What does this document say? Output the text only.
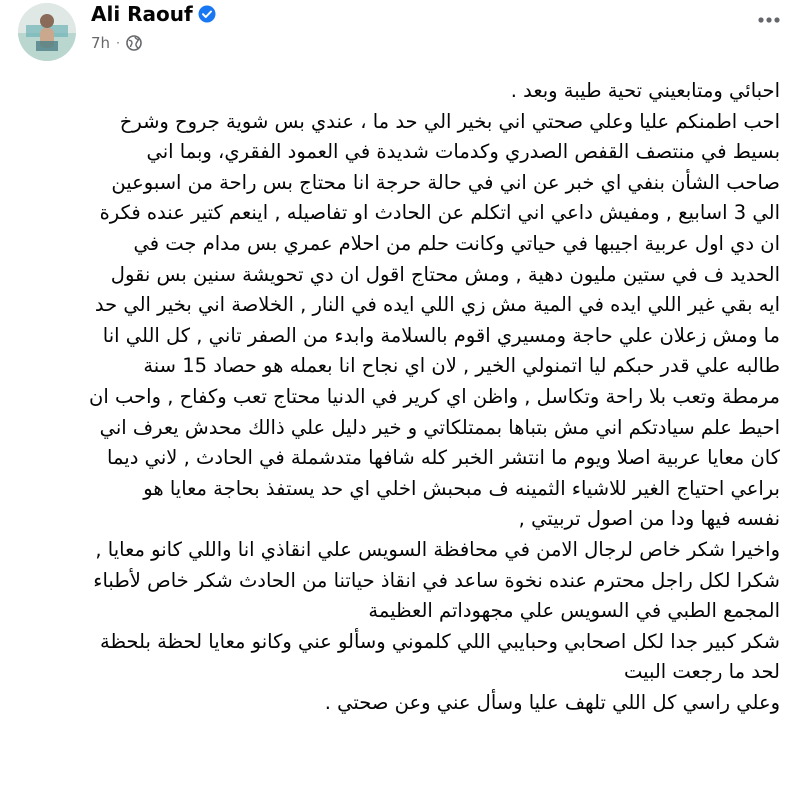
Ali Raouf
7h ·
احبائي ومتابعيني تحية طيبة وبعد .
احب اطمنكم عليا وعلي صحتي اني بخير الي حد ما ، عندي بس شوية جروح وشرخ
بسيط في منتصف القفص الصدري وكدمات شديدة في العمود الفقري، وبما اني
صاحب الشأن بنفي اي خبر عن اني في حالة حرجة انا محتاج بس راحة من اسبوعين
الي 3 اسابيع , ومفيش داعي اني اتكلم عن الحادث او تفاصيله , اينعم كتير عنده فكرة
ان دي اول عربية اجيبها في حياتي وكانت حلم من احلام عمري بس مدام جت في
الحديد ف في ستين مليون دهية , ومش محتاج اقول ان دي تحويشة سنين بس نقول
ايه بقي غير اللي ايده في المية مش زي اللي ايده في النار , الخلاصة اني بخير الي حد
ما ومش زعلان علي حاجة ومسيري اقوم بالسلامة وابدء من الصفر تاني , كل اللي انا
طالبه علي قدر حبكم ليا اتمنولي الخير , لان اي نجاح انا بعمله هو حصاد 15 سنة
مرمطة وتعب بلا راحة وتكاسل , واظن اي كرير في الدنيا محتاج تعب وكفاح , واحب ان
احيط علم سيادتكم اني مش بتباها بممتلكاتي و خير دليل علي ذالك محدش يعرف اني
كان معايا عربية اصلا ويوم ما انتشر الخبر كله شافها متدشملة في الحادث , لاني ديما
براعي احتياج الغير للاشياء الثمينه ف مبحبش اخلي اي حد يستفذ بحاجة معايا هو
نفسه فيها ودا من اصول تربيتي ,
واخيرا شكر خاص لرجال الامن في محافظة السويس علي انقاذي انا واللي كانو معايا ,
شكرا لكل راجل محترم عنده نخوة ساعد في انقاذ حياتنا من الحادث شكر خاص لأطباء
المجمع الطبي في السويس علي مجهوداتم العظيمة
شكر كبير جدا لكل اصحابي وحبايبي اللي كلموني وسألو عني وكانو معايا لحظة بلحظة
لحد ما رجعت البيت
وعلي راسي كل اللي تلهف عليا وسأل عني وعن صحتي .
